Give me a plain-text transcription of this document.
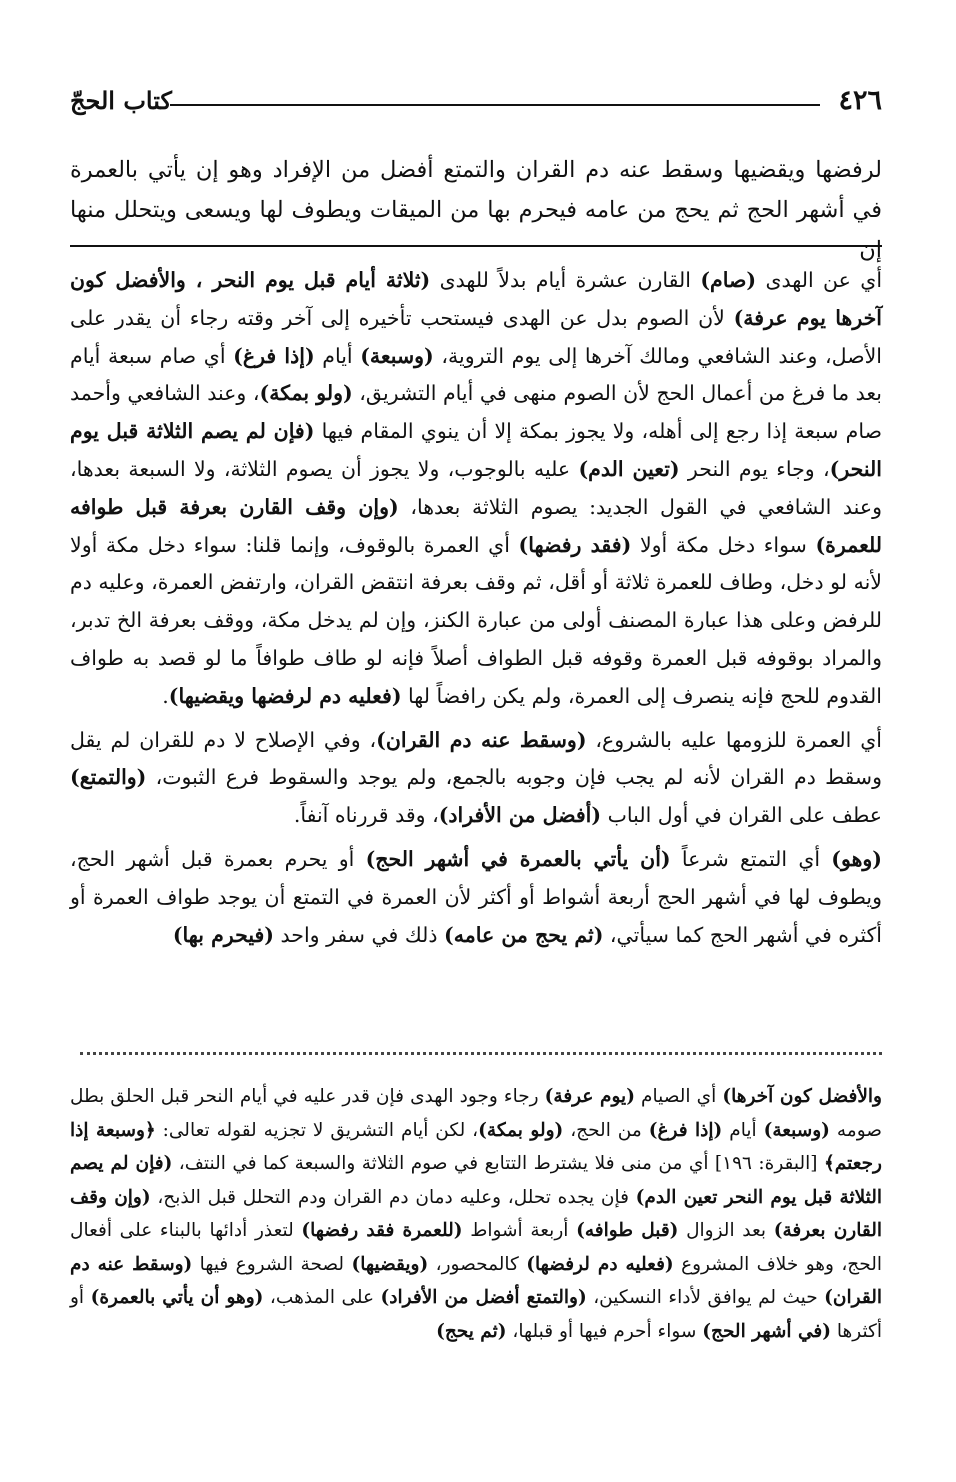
٤٢٦
كتاب الحجّ

لرفضها ويقضيها وسقط عنه دم القران والتمتع أفضل من الإفراد وهو إن يأتي بالعمرة في أشهر الحج ثم يحج من عامه فيحرم بها من الميقات ويطوف لها ويسعى ويتحلل منها إن

أي عن الهدى (صام) القارن عشرة أيام بدلاً للهدى (ثلاثة أيام قبل يوم النحر ، والأفضل كون آخرها يوم عرفة) لأن الصوم بدل عن الهدى فيستحب تأخيره إلى آخر وقته رجاء أن يقدر على الأصل، وعند الشافعي ومالك آخرها إلى يوم التروية، (وسبعة) أيام (إذا فرغ) أي صام سبعة أيام بعد ما فرغ من أعمال الحج لأن الصوم منهى في أيام التشريق، (ولو بمكة)، وعند الشافعي وأحمد صام سبعة إذا رجع إلى أهله، ولا يجوز بمكة إلا أن ينوي المقام فيها (فإن لم يصم الثلاثة قبل يوم النحر)، وجاء يوم النحر (تعين الدم) عليه بالوجوب، ولا يجوز أن يصوم الثلاثة، ولا السبعة بعدها، وعند الشافعي في القول الجديد: يصوم الثلاثة بعدها، (وإن وقف القارن بعرفة قبل طوافه للعمرة) سواء دخل مكة أولا (فقد رفضها) أي العمرة بالوقوف، وإنما قلنا: سواء دخل مكة أولا لأنه لو دخل، وطاف للعمرة ثلاثة أو أقل، ثم وقف بعرفة انتقض القران، وارتفض العمرة، وعليه دم للرفض وعلى هذا عبارة المصنف أولى من عبارة الكنز، وإن لم يدخل مكة، ووقف بعرفة الخ تدبر، والمراد بوقوفه قبل العمرة وقوفه قبل الطواف أصلاً فإنه لو طاف طوافاً ما لو قصد به طواف القدوم للحج فإنه ينصرف إلى العمرة، ولم يكن رافضاً لها (فعليه دم لرفضها ويقضيها).

أي العمرة للزومها عليه بالشروع، (وسقط عنه دم القران)، وفي الإصلاح لا دم للقران لم يقل وسقط دم القران لأنه لم يجب فإن وجوبه بالجمع، ولم يوجد والسقوط فرع الثبوت، (والتمتع) عطف على القران في أول الباب (أفضل من الأفراد)، وقد قررناه آنفاً.

(وهو) أي التمتع شرعاً (أن يأتي بالعمرة في أشهر الحج) أو يحرم بعمرة قبل أشهر الحج، ويطوف لها في أشهر الحج أربعة أشواط أو أكثر لأن العمرة في التمتع أن يوجد طواف العمرة أو أكثره في أشهر الحج كما سيأتي، (ثم يحج من عامه) ذلك في سفر واحد (فيحرم بها)

والأفضل كون آخرها) أي الصيام (يوم عرفة) رجاء وجود الهدى فإن قدر عليه في أيام النحر قبل الحلق بطل صومه (وسبعة) أيام (إذا فرغ) من الحج، (ولو بمكة)، لكن أيام التشريق لا تجزيه لقوله تعالى: ﴿وسبعة إذا رجعتم﴾ [البقرة: ١٩٦] أي من منى فلا يشترط التتابع في صوم الثلاثة والسبعة كما في النتف، (فإن لم يصم الثلاثة قبل يوم النحر تعين الدم) فإن يجده تحلل، وعليه دمان دم القران ودم التحلل قبل الذبح، (وإن وقف القارن بعرفة) بعد الزوال (قبل طوافه) أربعة أشواط (للعمرة فقد رفضها) لتعذر أدائها بالبناء على أفعال الحج، وهو خلاف المشروع (فعليه دم لرفضها) كالمحصور، (ويقضيها) لصحة الشروع فيها (وسقط عنه دم القران) حيث لم يوافق لأداء النسكين، (والتمتع أفضل من الأفراد) على المذهب، (وهو أن يأتي بالعمرة) أو أكثرها (في أشهر الحج) سواء أحرم فيها أو قبلها، (ثم يحج)
